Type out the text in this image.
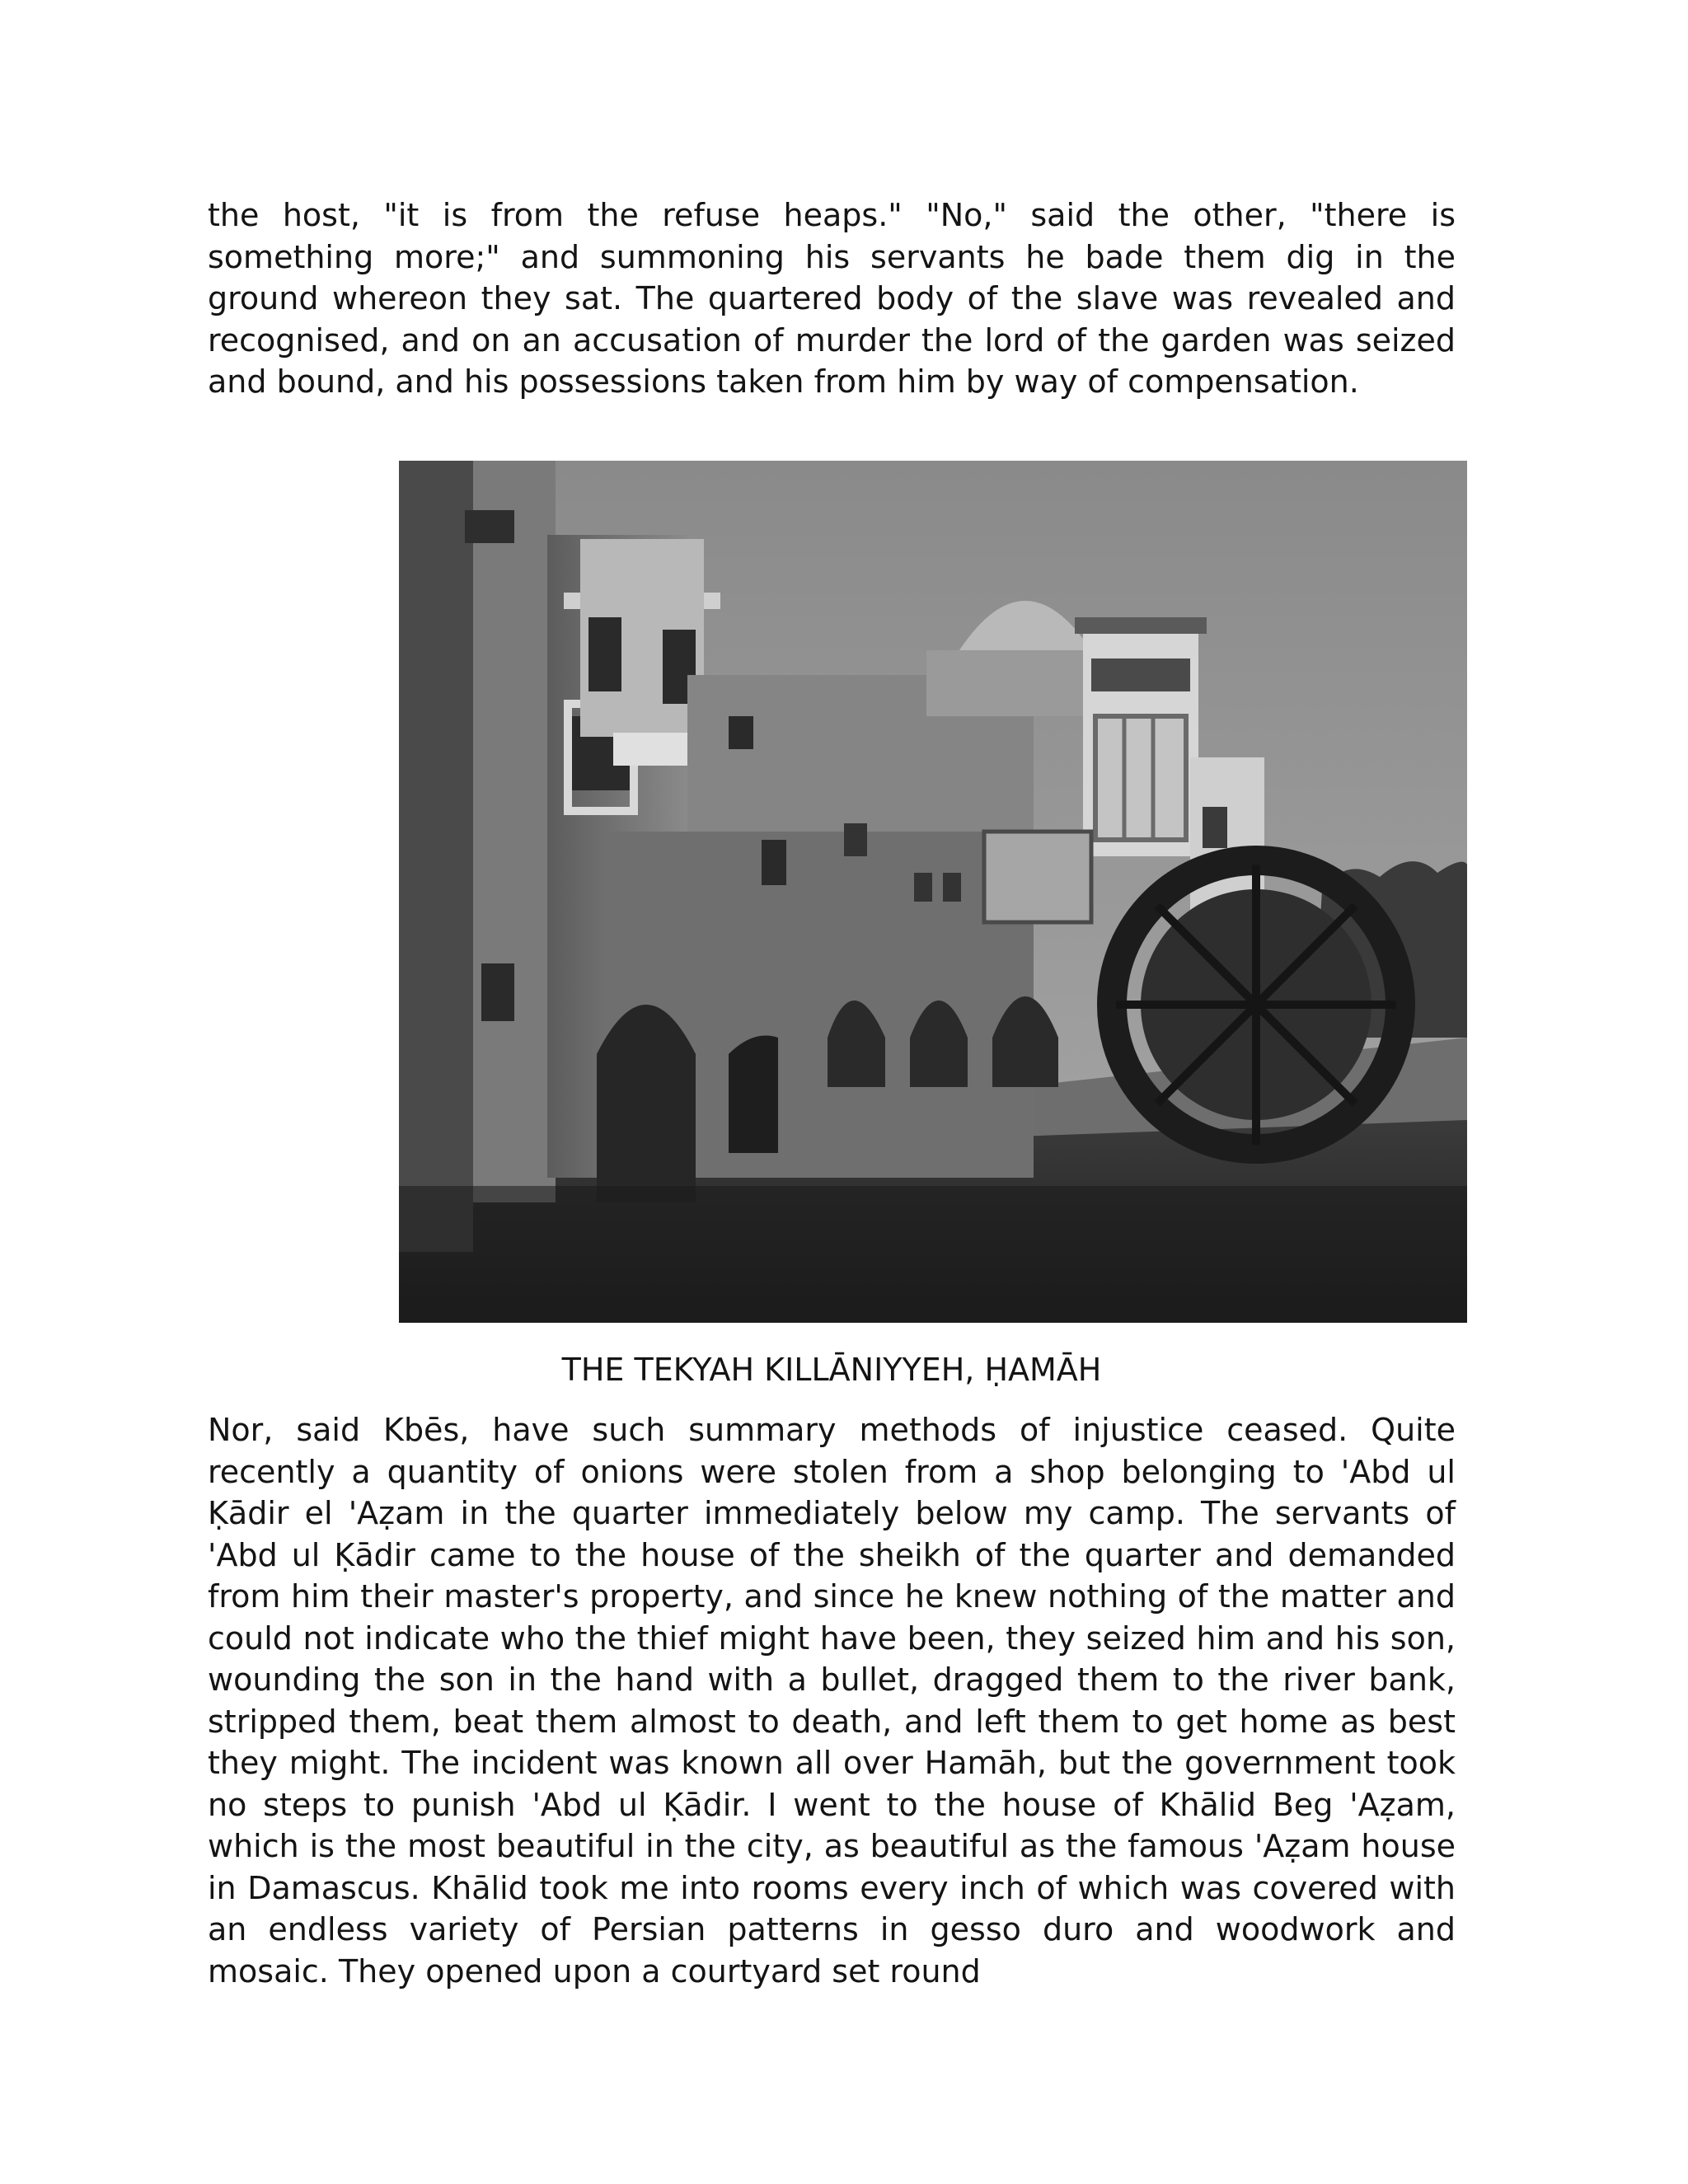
the host, "it is from the refuse heaps." "No," said the other, "there is something more;" and summoning his servants he bade them dig in the ground whereon they sat. The quartered body of the slave was revealed and recognised, and on an accusation of murder the lord of the garden was seized and bound, and his possessions taken from him by way of compensation.

THE TEKYAH KILLĀNIYYEH, ḤAMĀH

Nor, said Kbēs, have such summary methods of injustice ceased. Quite recently a quantity of onions were stolen from a shop belonging to 'Abd ul Ḳādir el 'Aẓam in the quarter immediately below my camp. The servants of 'Abd ul Ḳādir came to the house of the sheikh of the quarter and demanded from him their master's property, and since he knew nothing of the matter and could not indicate who the thief might have been, they seized him and his son, wounding the son in the hand with a bullet, dragged them to the river bank, stripped them, beat them almost to death, and left them to get home as best they might. The incident was known all over Hamāh, but the government took no steps to punish 'Abd ul Ḳādir. I went to the house of Khālid Beg 'Aẓam, which is the most beautiful in the city, as beautiful as the famous 'Aẓam house in Damascus. Khālid took me into rooms every inch of which was covered with an endless variety of Persian patterns in gesso duro and woodwork and mosaic. They opened upon a courtyard set round
